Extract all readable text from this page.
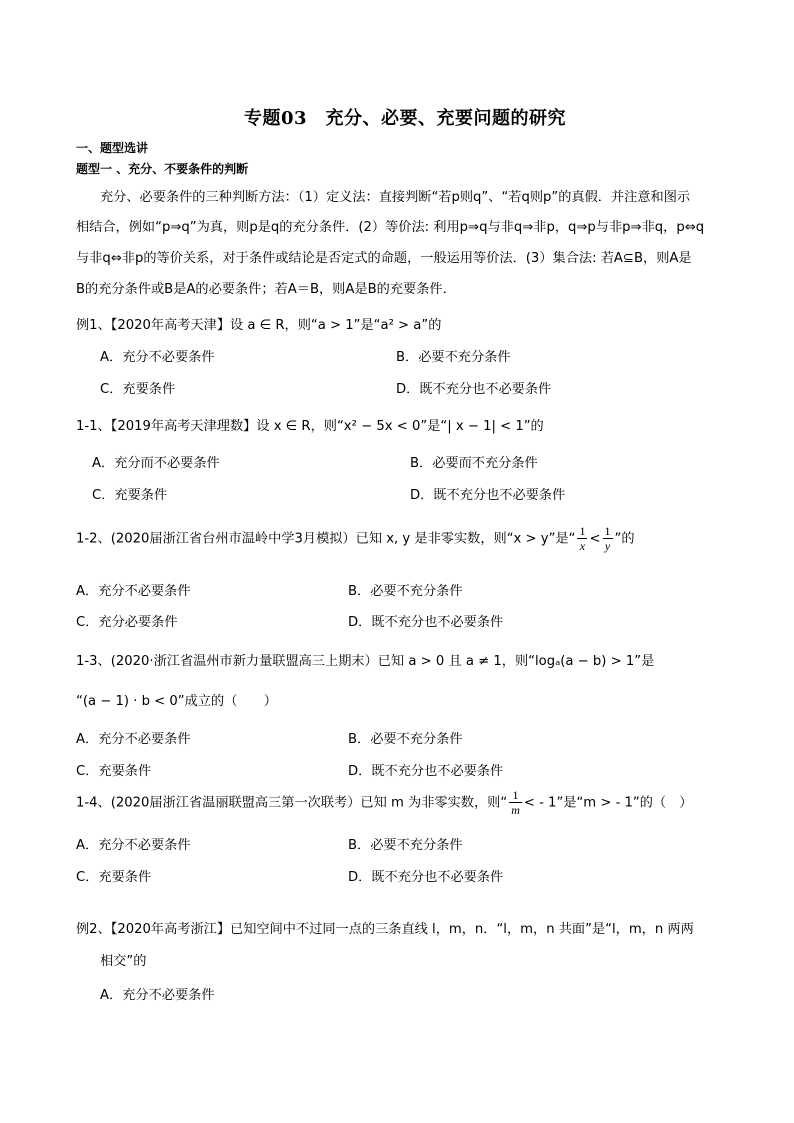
专题03　充分、必要、充要问题的研究
一、题型选讲
题型一 、充分、不要条件的判断
充分、必要条件的三种判断方法：（1）定义法：直接判断“若p则q”、“若q则p”的真假．并注意和图示
相结合，例如“p⇒q”为真，则p是q的充分条件．(2）等价法: 利用p⇒q与非q⇒非p，q⇒p与非p⇒非q，p⇔q
与非q⇔非p的等价关系，对于条件或结论是否定式的命题，一般运用等价法．(3）集合法: 若A⊆B，则A是
B的充分条件或B是A的必要条件；若A＝B，则A是B的充要条件．
例1、【2020年高考天津】设 a ∈ R，则“a > 1”是“a² > a”的
A．充分不必要条件	B．必要不充分条件
C．充要条件	D．既不充分也不必要条件
1-1、【2019年高考天津理数】设 x ∈ R，则“x² − 5x < 0”是“| x − 1| < 1”的
A．充分而不必要条件	B．必要而不充分条件
C．充要条件	D．既不充分也不必要条件
1-2、(2020届浙江省台州市温岭中学3月模拟）已知 x, y 是非零实数，则“x > y”是“ $\frac{1}{x} < \frac{1}{y}$ ”的
A．充分不必要条件	B．必要不充分条件
C．充分必要条件	D．既不充分也不必要条件
1-3、(2020·浙江省温州市新力量联盟高三上期末）已知 a > 0 且 a ≠ 1，则“logₐ(a − b) > 1”是
“(a − 1) · b < 0”成立的（　　）
A．充分不必要条件	B．必要不充分条件
C．充要条件	D．既不充分也不必要条件
1-4、(2020届浙江省温丽联盟高三第一次联考）已知 m 为非零实数，则“ $\frac{1}{m}$ < - 1”是“m > - 1”的（　）
A．充分不必要条件	B．必要不充分条件
C．充要条件	D．既不充分也不必要条件
例2、【2020年高考浙江】已知空间中不过同一点的三条直线 l，m，n．“l，m，n 共面”是“l，m，n 两两
相交”的
A．充分不必要条件
